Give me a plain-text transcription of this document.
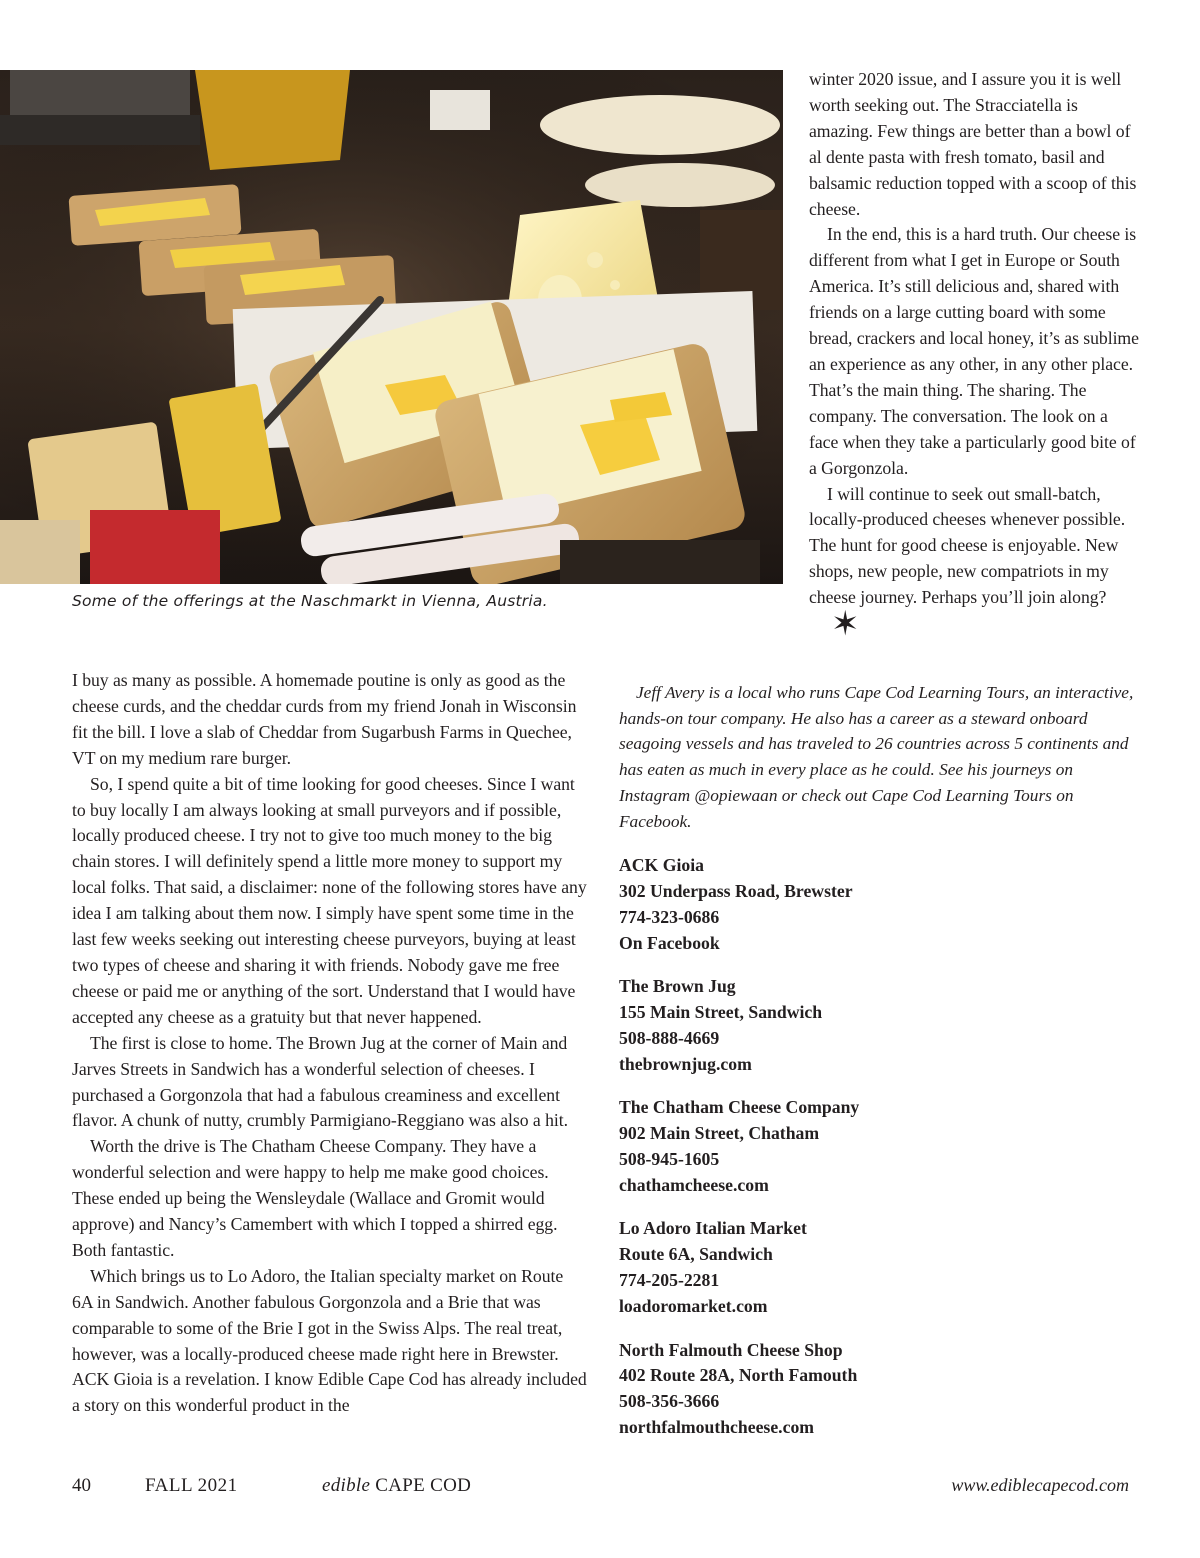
Some of the offerings at the Naschmarkt in Vienna, Austria.

winter 2020 issue, and I assure you it is well worth seeking out. The Stracciatella is amazing. Few things are better than a bowl of al dente pasta with fresh tomato, basil and balsamic reduction topped with a scoop of this cheese.

In the end, this is a hard truth. Our cheese is different from what I get in Europe or South America. It’s still delicious and, shared with friends on a large cutting board with some bread, crackers and local honey, it’s as sublime an experience as any other, in any other place. That’s the main thing. The sharing. The company. The conversation. The look on a face when they take a particularly good bite of a Gorgonzola.

I will continue to seek out small-batch, locally-produced cheeses whenever possible. The hunt for good cheese is enjoyable. New shops, new people, new compatriots in my cheese journey. Perhaps you’ll join along? ✶

I buy as many as possible. A homemade poutine is only as good as the cheese curds, and the cheddar curds from my friend Jonah in Wisconsin fit the bill. I love a slab of Cheddar from Sugarbush Farms in Quechee, VT on my medium rare burger.

So, I spend quite a bit of time looking for good cheeses. Since I want to buy locally I am always looking at small purveyors and if possible, locally produced cheese. I try not to give too much money to the big chain stores. I will definitely spend a little more money to support my local folks. That said, a disclaimer: none of the following stores have any idea I am talking about them now. I simply have spent some time in the last few weeks seeking out interesting cheese purveyors, buying at least two types of cheese and sharing it with friends. Nobody gave me free cheese or paid me or anything of the sort. Understand that I would have accepted any cheese as a gratuity but that never happened.

The first is close to home. The Brown Jug at the corner of Main and Jarves Streets in Sandwich has a wonderful selection of cheeses. I purchased a Gorgonzola that had a fabulous creaminess and excellent flavor. A chunk of nutty, crumbly Parmigiano-Reggiano was also a hit.

Worth the drive is The Chatham Cheese Company. They have a wonderful selection and were happy to help me make good choices. These ended up being the Wensleydale (Wallace and Gromit would approve) and Nancy’s Camembert with which I topped a shirred egg. Both fantastic.

Which brings us to Lo Adoro, the Italian specialty market on Route 6A in Sandwich. Another fabulous Gorgonzola and a Brie that was comparable to some of the Brie I got in the Swiss Alps. The real treat, however, was a locally-produced cheese made right here in Brewster. ACK Gioia is a revelation. I know Edible Cape Cod has already included a story on this wonderful product in the

Jeff Avery is a local who runs Cape Cod Learning Tours, an interactive, hands-on tour company. He also has a career as a steward onboard seagoing vessels and has traveled to 26 countries across 5 continents and has eaten as much in every place as he could. See his journeys on Instagram @opiewaan or check out Cape Cod Learning Tours on Facebook.

ACK Gioia
302 Underpass Road, Brewster
774-323-0686
On Facebook
The Brown Jug
155 Main Street, Sandwich
508-888-4669
thebrownjug.com
The Chatham Cheese Company
902 Main Street, Chatham
508-945-1605
chathamcheese.com
Lo Adoro Italian Market
Route 6A, Sandwich
774-205-2281
loadoromarket.com
North Falmouth Cheese Shop
402 Route 28A, North Famouth
508-356-3666
northfalmouthcheese.com
40	FALL 2021	edible CAPE COD	www.ediblecapecod.com
